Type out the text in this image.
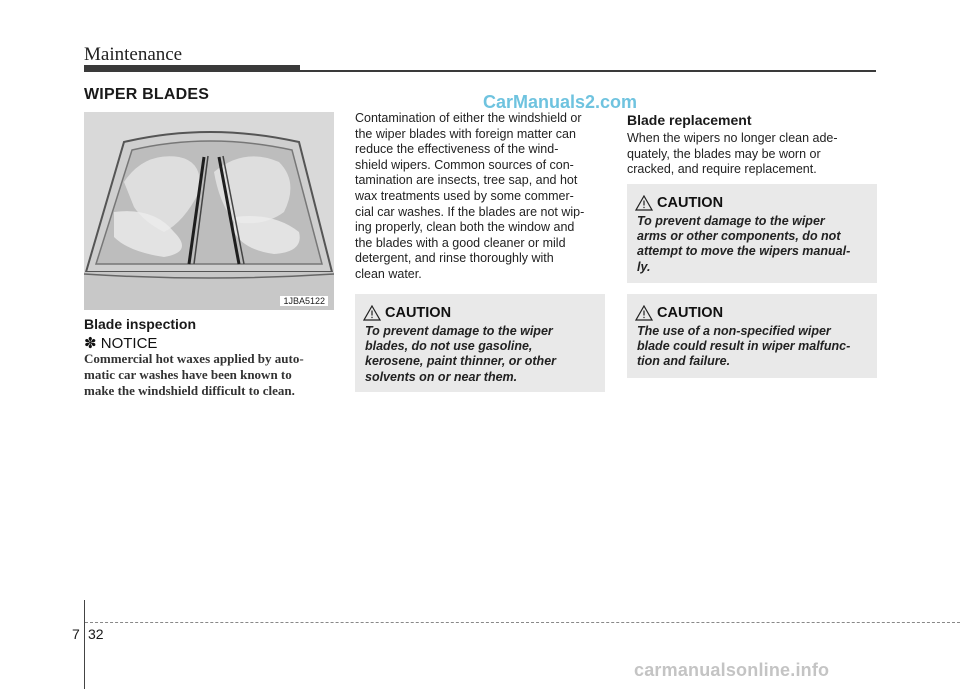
Maintenance
WIPER BLADES	CarManuals2.com
1JBA5122
Blade inspection
✽ NOTICE
Commercial hot waxes applied by auto-
matic car washes have been known to
make the windshield difficult to clean.
Contamination of either the windshield or
the wiper blades with foreign matter can
reduce the effectiveness of the wind-
shield wipers. Common sources of con-
tamination are insects, tree sap, and hot
wax treatments used by some commer-
cial car washes. If the blades are not wip-
ing properly, clean both the window and
the blades with a good cleaner or mild
detergent, and rinse thoroughly with
clean water.
CAUTION
To prevent damage to the wiper
blades, do not use gasoline,
kerosene, paint thinner, or other
solvents on or near them.
Blade replacement
When the wipers no longer clean ade-
quately, the blades may be worn or
cracked, and require replacement.
CAUTION
To prevent damage to the wiper
arms or other components, do not
attempt to move the wipers manual-
ly.
CAUTION
The use of a non-specified wiper
blade could result in wiper malfunc-
tion and failure.
7 32
carmanualsonline.info
